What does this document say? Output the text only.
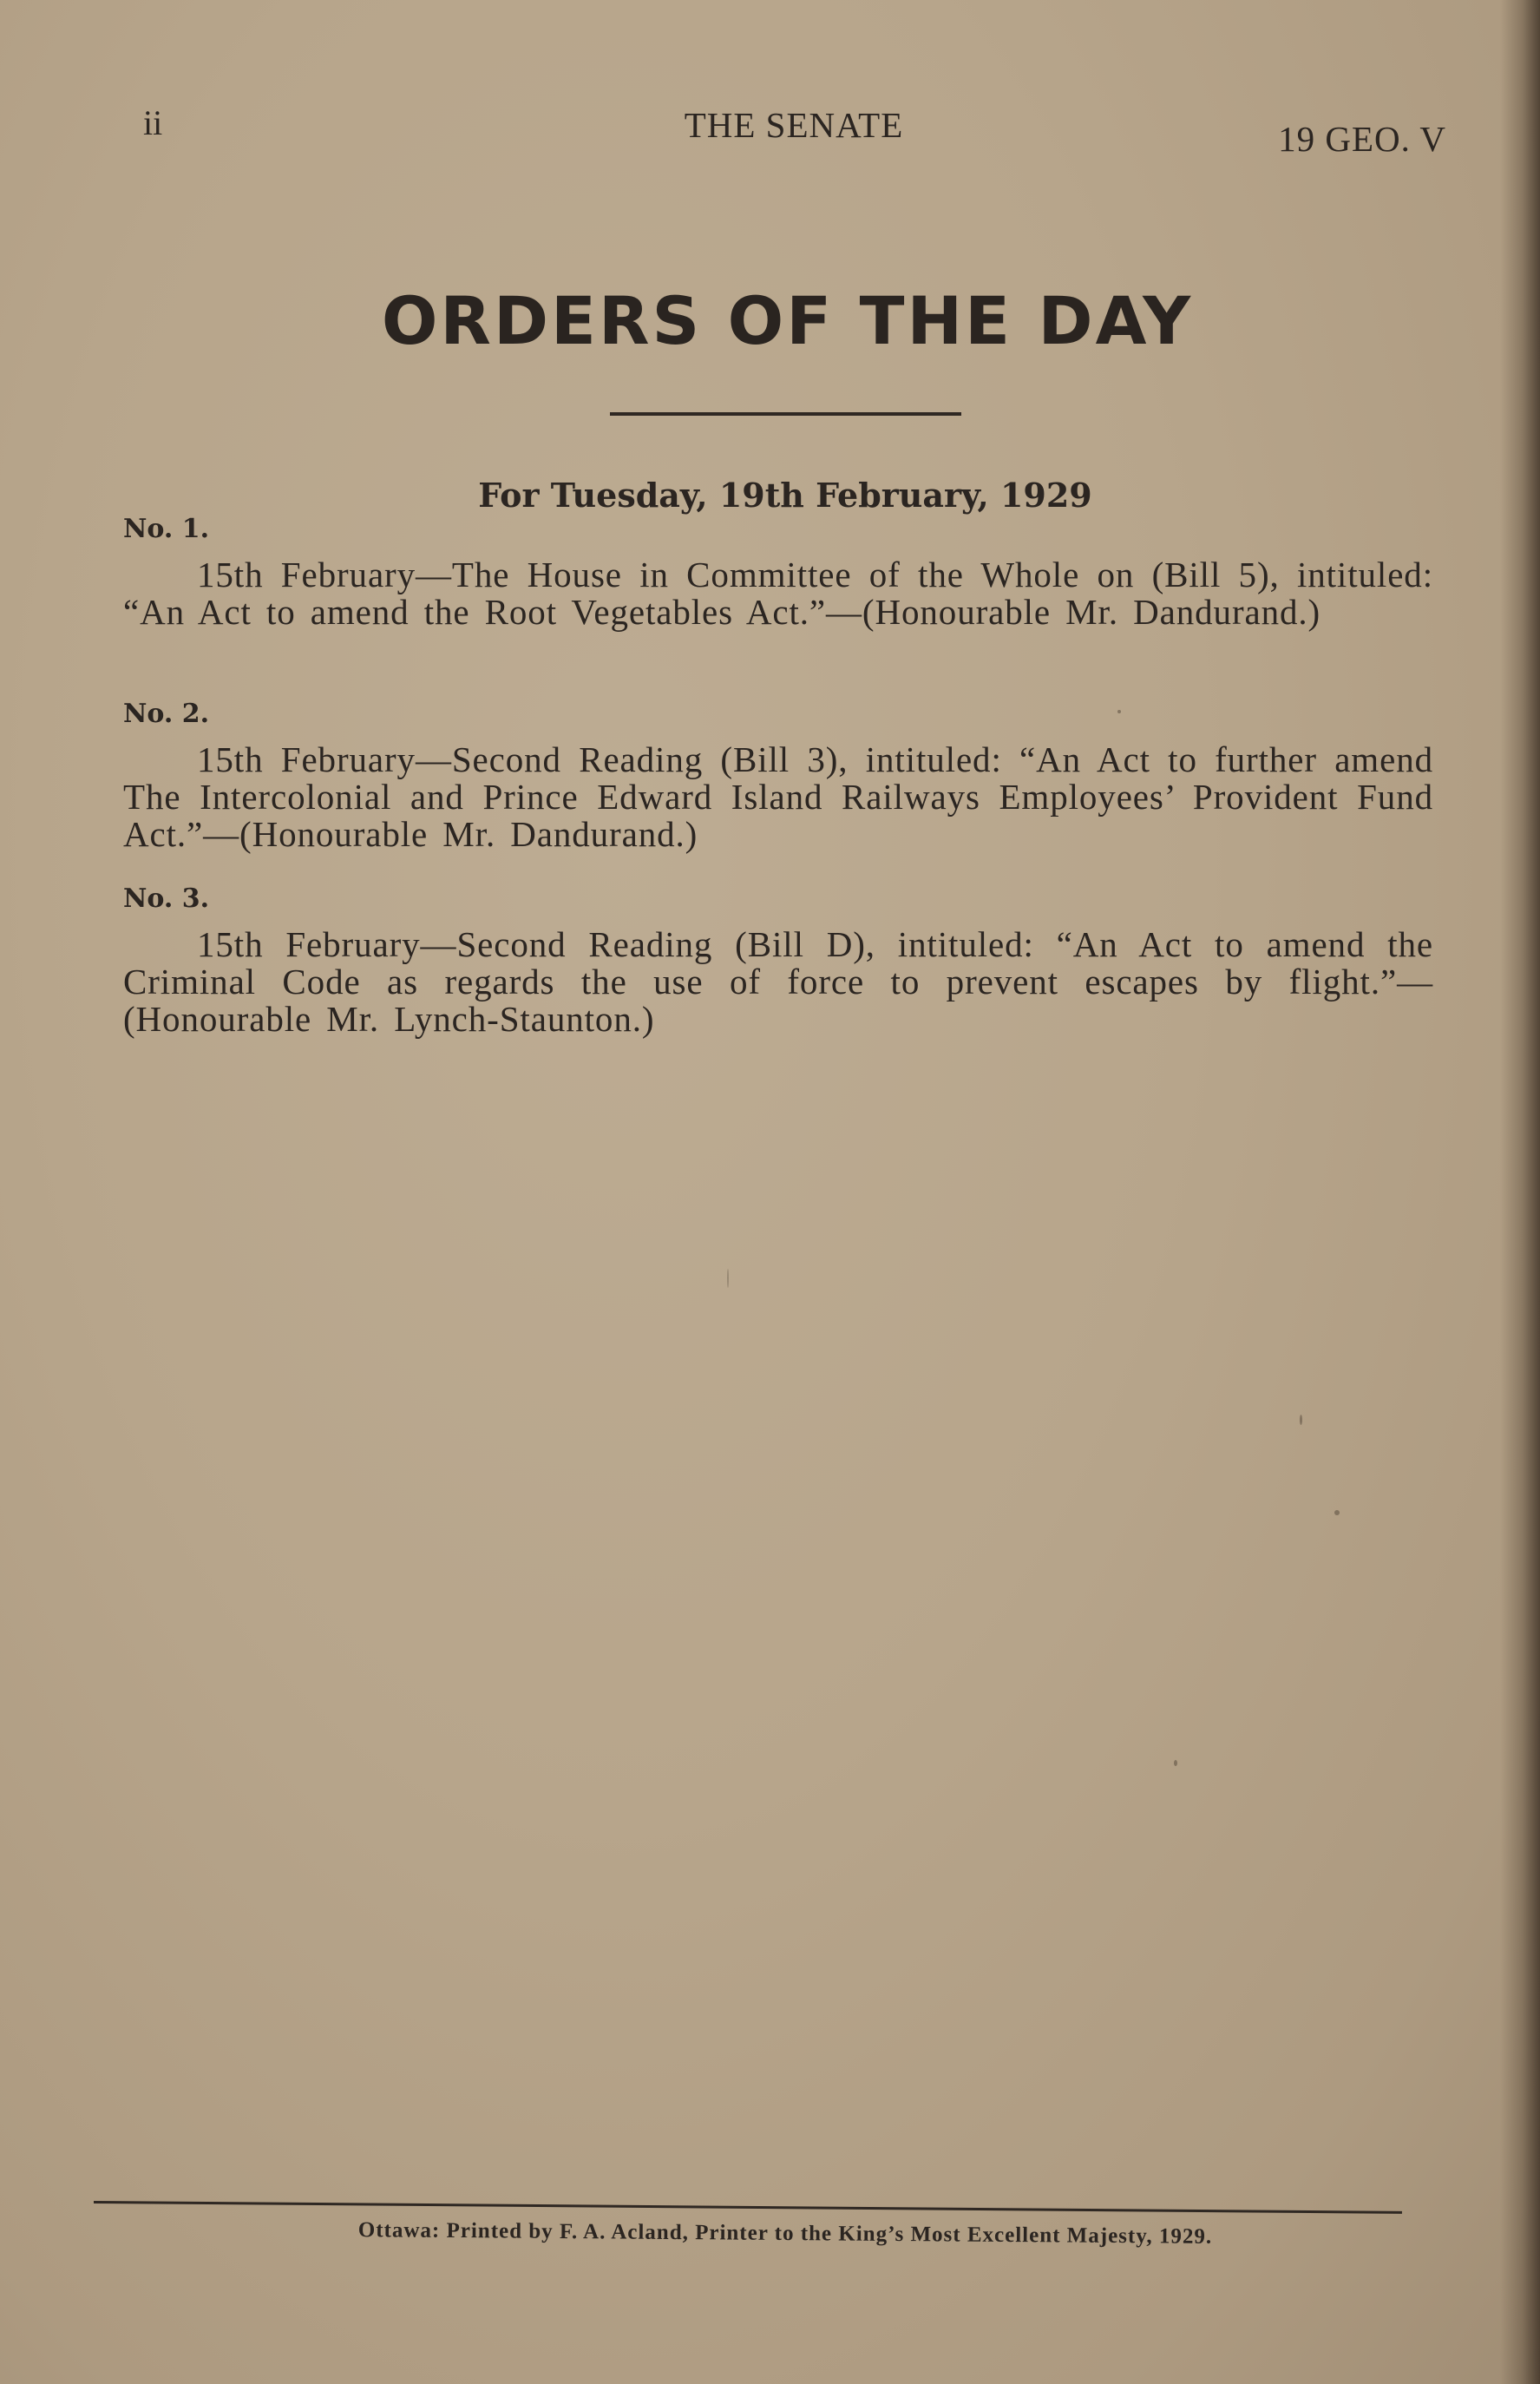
ii	THE SENATE	19 GEO. V
ORDERS OF THE DAY
For Tuesday, 19th February, 1929
No. 1.
15th February—The House in Committee of the Whole on (Bill 5), intituled: “An Act to amend the Root Vegetables Act.”—(Honourable Mr. Dandurand.)
No. 2.
15th February—Second Reading (Bill 3), intituled: “An Act to further amend The Intercolonial and Prince Edward Island Railways Employees’ Provident Fund Act.”—(Honourable Mr. Dandurand.)
No. 3.
15th February—Second Reading (Bill D), intituled: “An Act to amend the Criminal Code as regards the use of force to prevent escapes by flight.”—(Honourable Mr. Lynch-Staunton.)
Ottawa: Printed by F. A. Acland, Printer to the King’s Most Excellent Majesty, 1929.
